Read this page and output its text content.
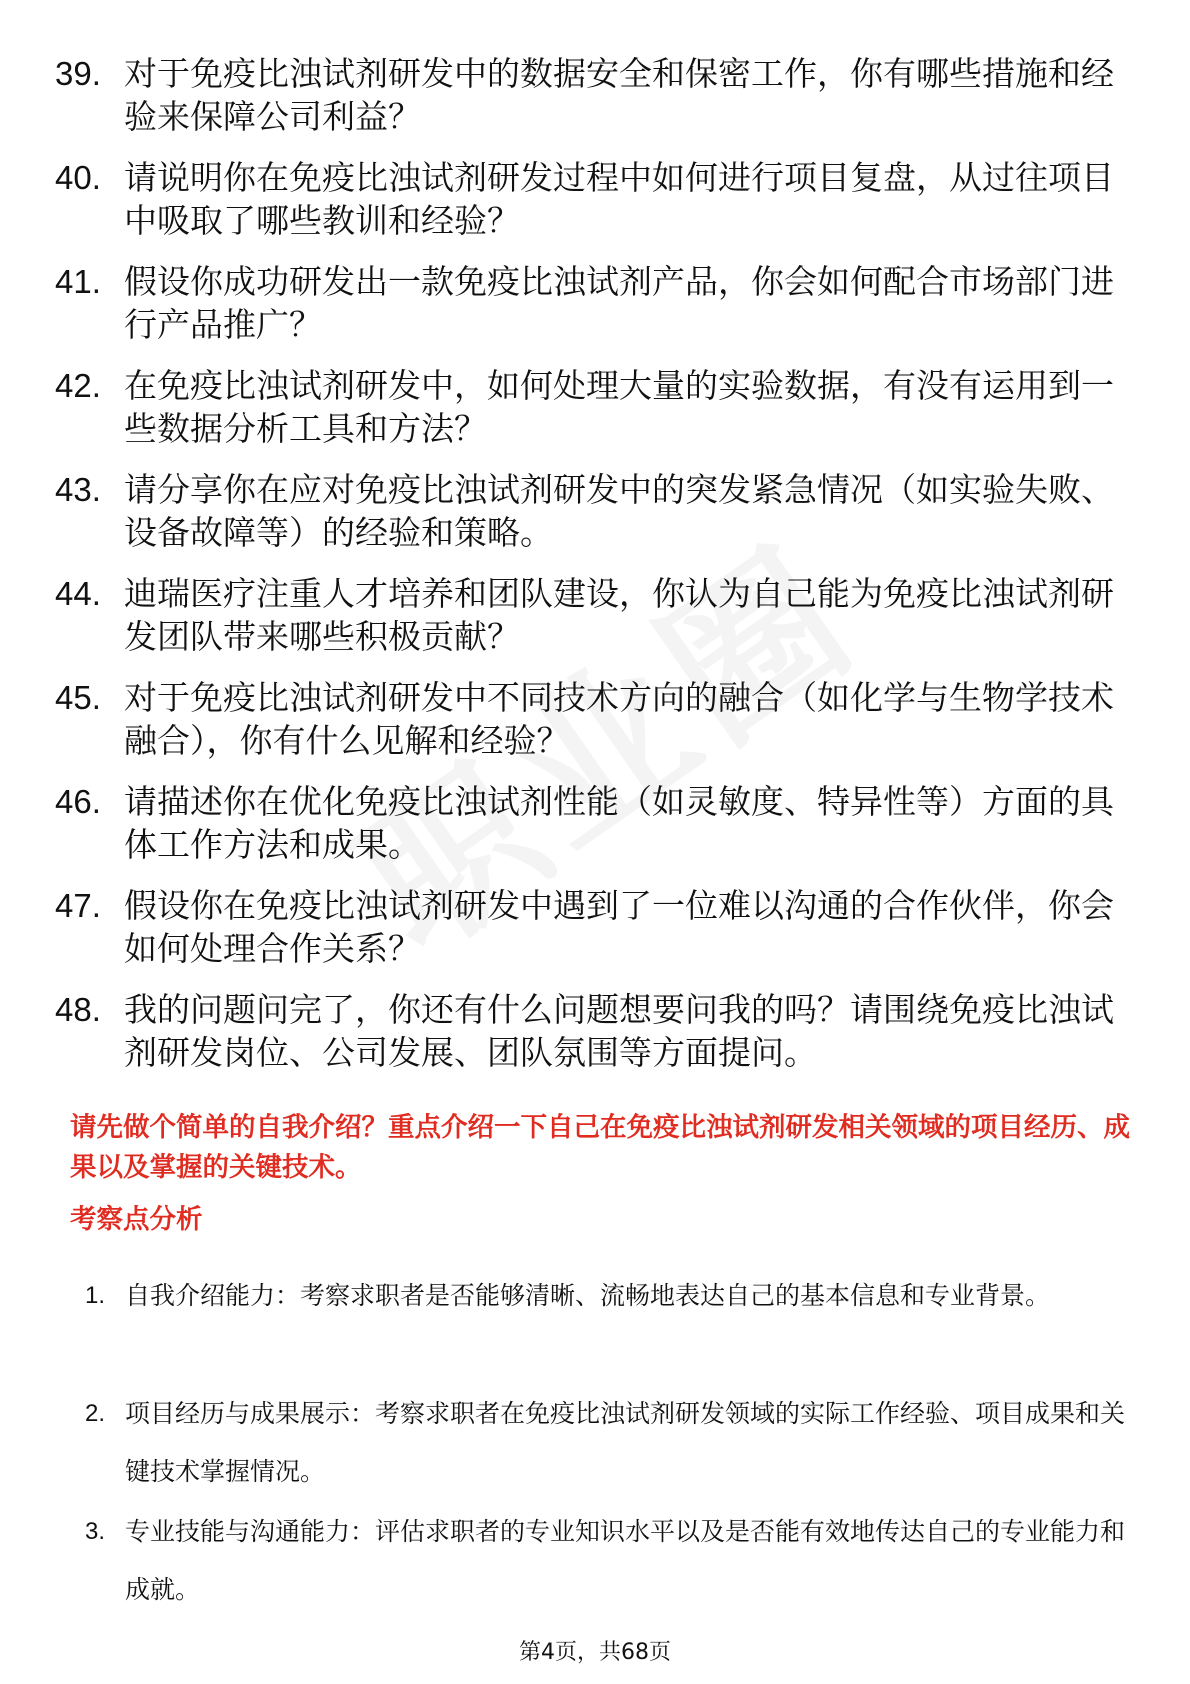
39. 对于免疫比浊试剂研发中的数据安全和保密工作，你有哪些措施和经验来保障公司利益？
40. 请说明你在免疫比浊试剂研发过程中如何进行项目复盘，从过往项目中吸取了哪些教训和经验？
41. 假设你成功研发出一款免疫比浊试剂产品，你会如何配合市场部门进行产品推广？
42. 在免疫比浊试剂研发中，如何处理大量的实验数据，有没有运用到一些数据分析工具和方法？
43. 请分享你在应对免疫比浊试剂研发中的突发紧急情况（如实验失败、设备故障等）的经验和策略。
44. 迪瑞医疗注重人才培养和团队建设，你认为自己能为免疫比浊试剂研发团队带来哪些积极贡献？
45. 对于免疫比浊试剂研发中不同技术方向的融合（如化学与生物学技术融合），你有什么见解和经验？
46. 请描述你在优化免疫比浊试剂性能（如灵敏度、特异性等）方面的具体工作方法和成果。
47. 假设你在免疫比浊试剂研发中遇到了一位难以沟通的合作伙伴，你会如何处理合作关系？
48. 我的问题问完了，你还有什么问题想要问我的吗？请围绕免疫比浊试剂研发岗位、公司发展、团队氛围等方面提问。
请先做个简单的自我介绍？重点介绍一下自己在免疫比浊试剂研发相关领域的项目经历、成果以及掌握的关键技术。
考察点分析
1. 自我介绍能力：考察求职者是否能够清晰、流畅地表达自己的基本信息和专业背景。
2. 项目经历与成果展示：考察求职者在免疫比浊试剂研发领域的实际工作经验、项目成果和关键技术掌握情况。
3. 专业技能与沟通能力：评估求职者的专业知识水平以及是否能有效地传达自己的专业能力和成就。
第4页，共68页
